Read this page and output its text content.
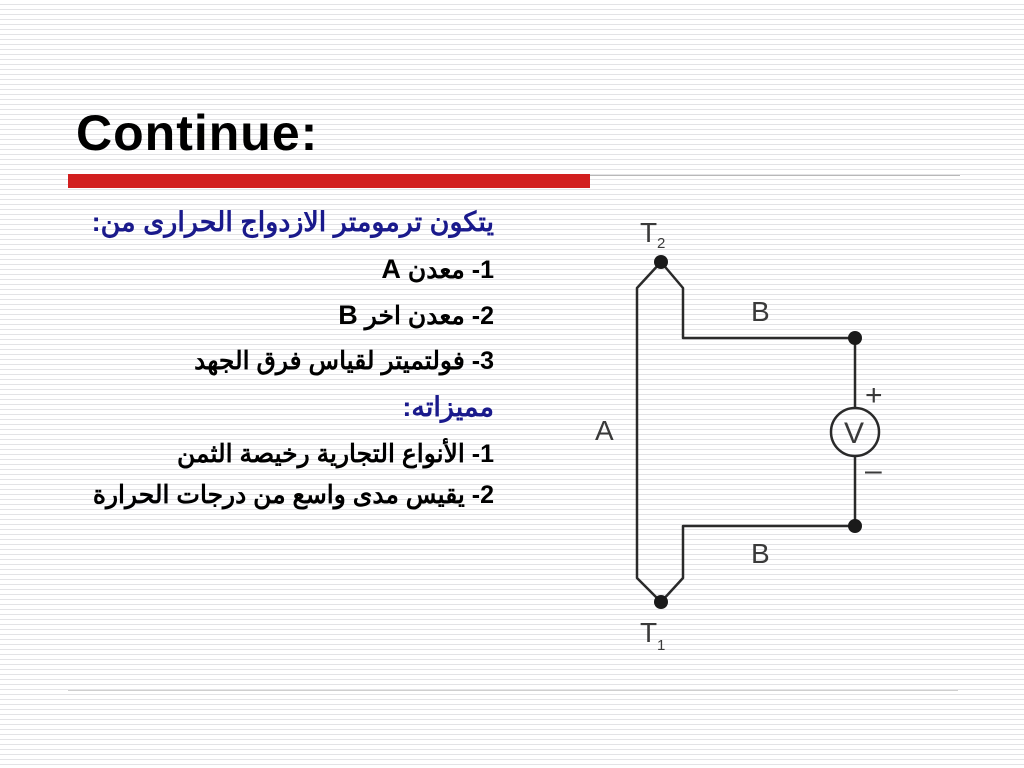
Continue:

يتكون ترمومتر الازدواج الحرارى من:

1- معدن A

2- معدن اخر B

3- فولتميتر لقياس فرق الجهد

مميزاته:

1- الأنواع التجارية رخيصة الثمن

2- يقيس مدى واسع من درجات الحرارة

T 2
T 1
A
B
B
V
+
–
